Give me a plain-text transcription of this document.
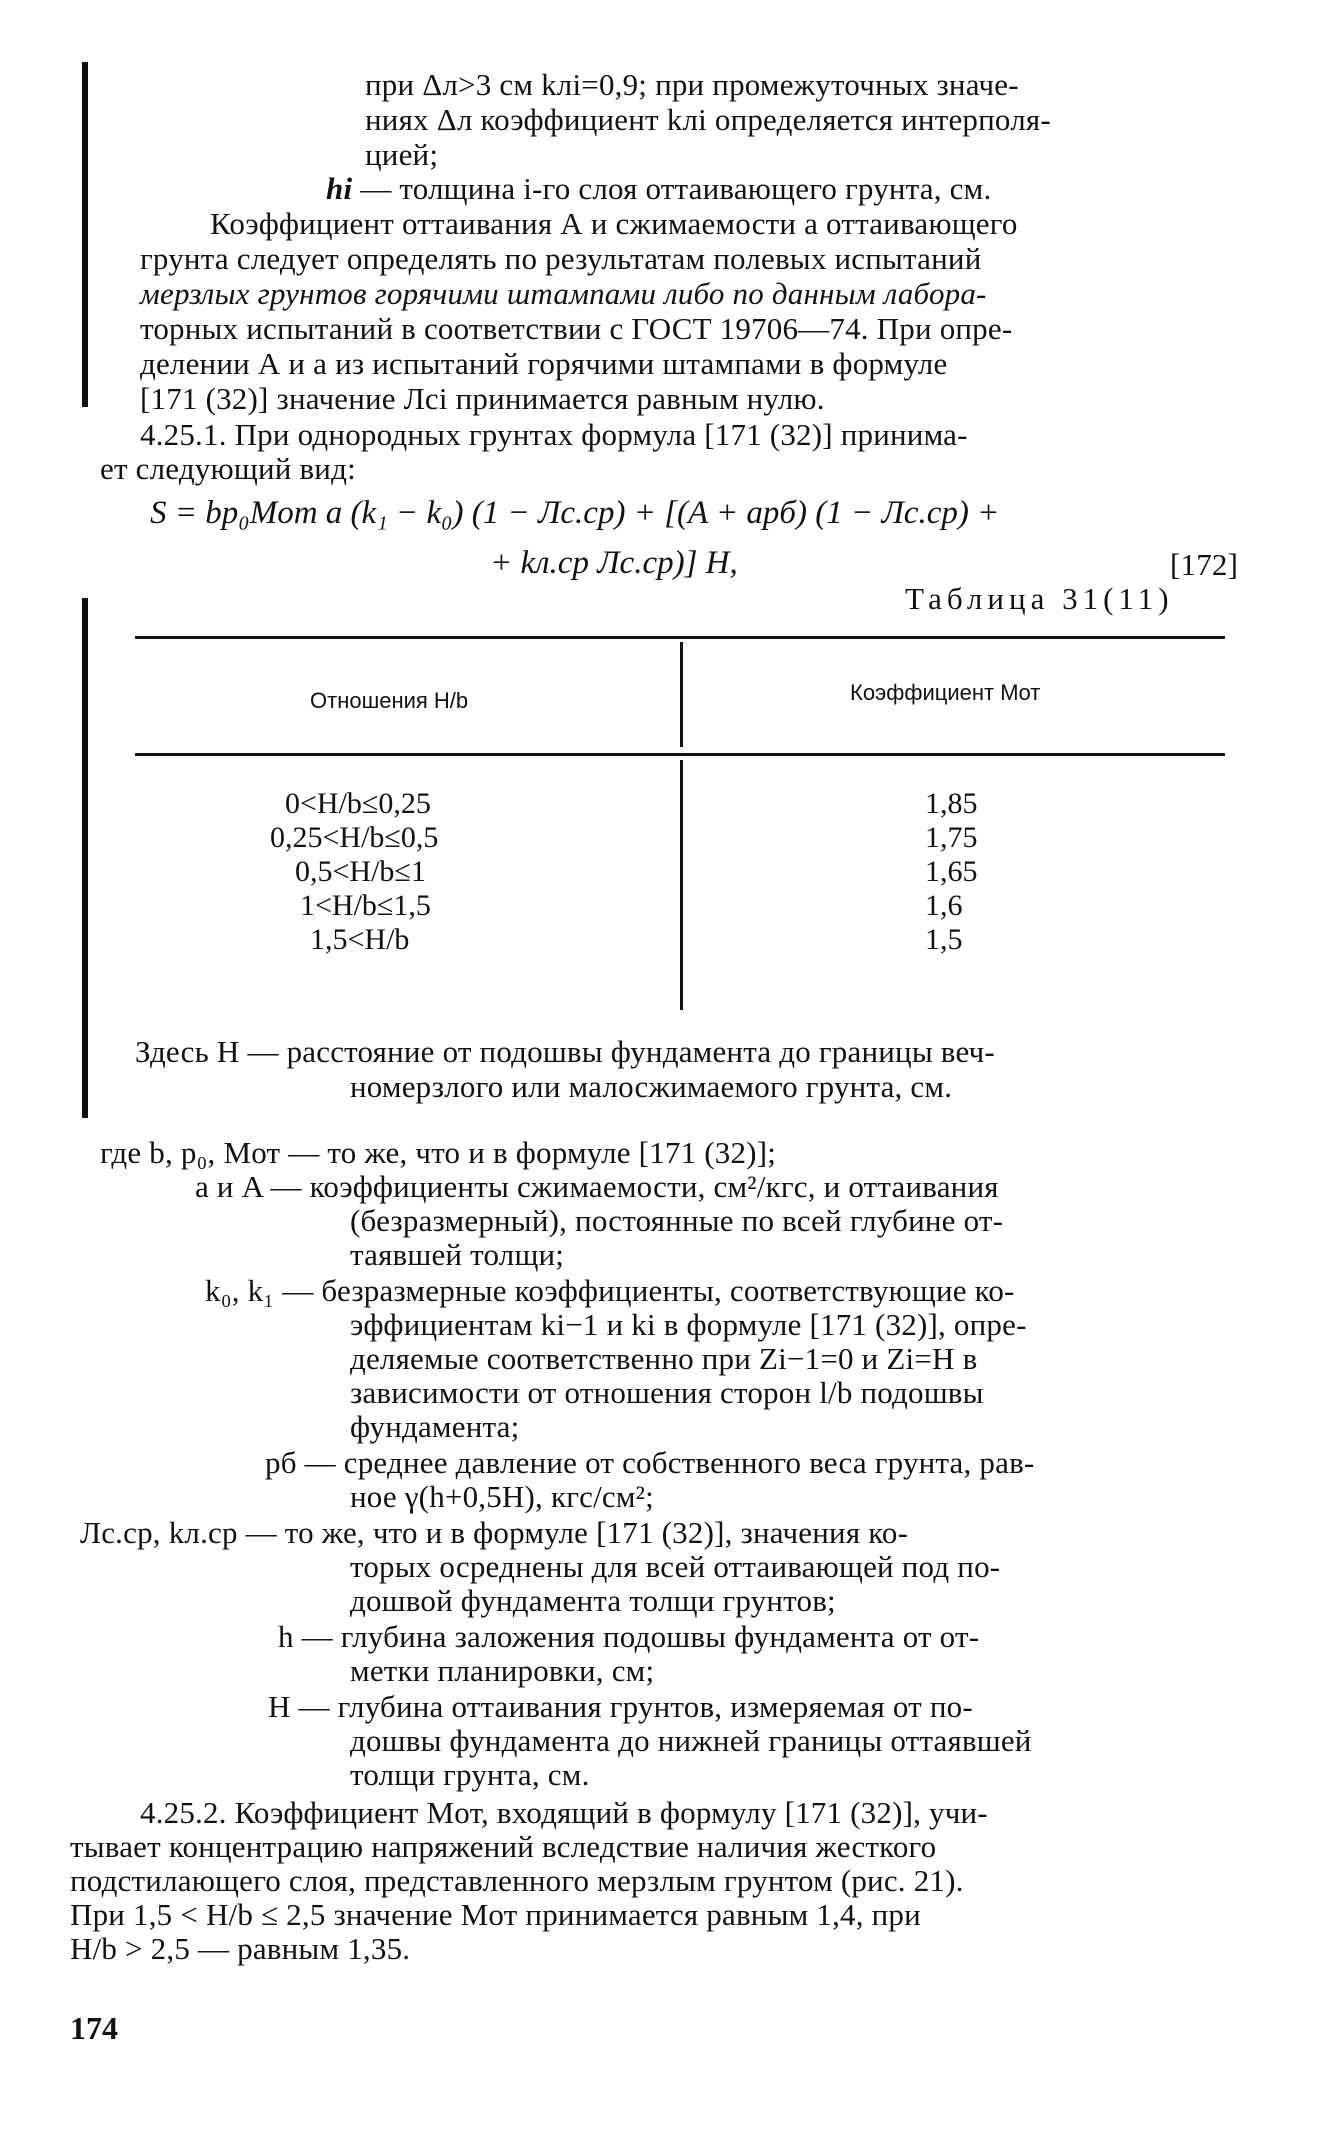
при Δл>3 см kлi=0,9; при промежуточных значе-
ниях Δл коэффициент kлi определяется интерполя-
цией;
hi — толщина i-го слоя оттаивающего грунта, см.
Коэффициент оттаивания А и сжимаемости a оттаивающего
грунта следует определять по результатам полевых испытаний
мерзлых грунтов горячими штампами либо по данным лабора-
торных испытаний в соответствии с ГОСТ 19706—74. При опре-
делении А и a из испытаний горячими штампами в формуле
[171 (32)] значение Лci принимается равным нулю.
4.25.1. При однородных грунтах формула [171 (32)] принима-
ет следующий вид:
S = bp₀Mот a (k₁ − k₀) (1 − Лс.ср) + [(A + apб) (1 − Лс.ср) +
+ kл.ср Лс.ср)] H,	[172]
Таблица 31(11)
Отношения H/b	Коэффициент Mот
0<H/b≤0,25	1,85
0,25<H/b≤0,5	1,75
0,5<H/b≤1	1,65
1<H/b≤1,5	1,6
1,5<H/b	1,5
Здесь H — расстояние от подошвы фундамента до границы веч-
номерзлого или малосжимаемого грунта, см.
где b, p₀, Mот — то же, что и в формуле [171 (32)];
a и A — коэффициенты сжимаемости, см²/кгс, и оттаивания
(безразмерный), постоянные по всей глубине от-
таявшей толщи;
k₀, k₁ — безразмерные коэффициенты, соответствующие ко-
эффициентам ki−1 и ki в формуле [171 (32)], опре-
деляемые соответственно при Zi−1=0 и Zi=H в
зависимости от отношения сторон l/b подошвы
фундамента;
pб — среднее давление от собственного веса грунта, рав-
ное γ(h+0,5H), кгс/см²;
Лс.ср, kл.ср — то же, что и в формуле [171 (32)], значения ко-
торых осреднены для всей оттаивающей под по-
дошвой фундамента толщи грунтов;
h — глубина заложения подошвы фундамента от от-
метки планировки, см;
H — глубина оттаивания грунтов, измеряемая от по-
дошвы фундамента до нижней границы оттаявшей
толщи грунта, см.
4.25.2. Коэффициент Mот, входящий в формулу [171 (32)], учи-
тывает концентрацию напряжений вследствие наличия жесткого
подстилающего слоя, представленного мерзлым грунтом (рис. 21).
При 1,5 < H/b ≤ 2,5 значение Mот принимается равным 1,4, при
H/b > 2,5 — равным 1,35.
174
